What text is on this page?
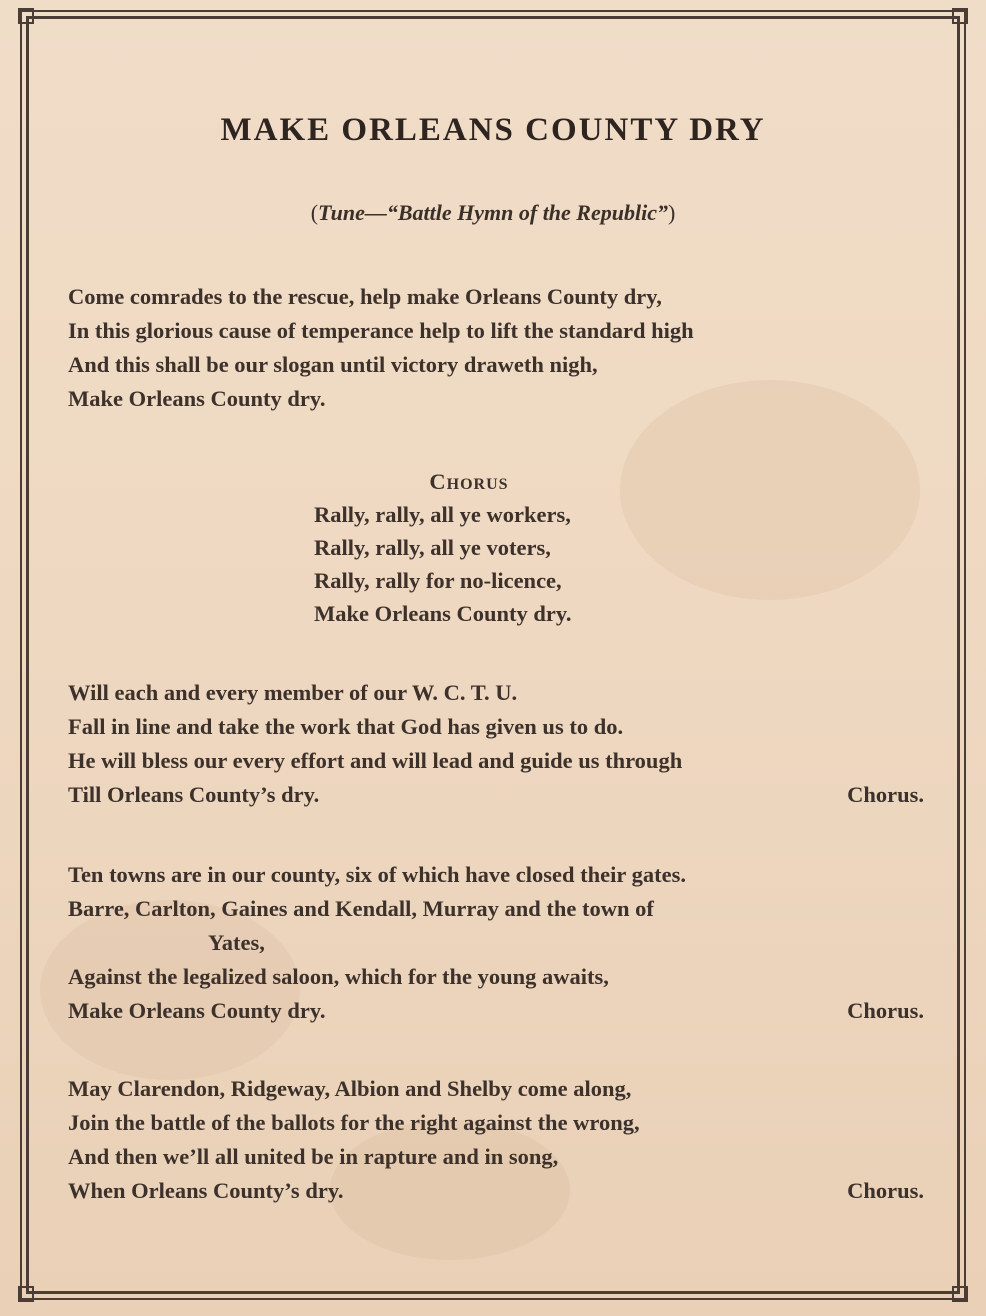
MAKE ORLEANS COUNTY DRY
(Tune—“Battle Hymn of the Republic”)
Come comrades to the rescue, help make Orleans County dry,
In this glorious cause of temperance help to lift the standard high
And this shall be our slogan until victory draweth nigh,
Make Orleans County dry.
Chorus
Rally, rally, all ye workers,
Rally, rally, all ye voters,
Rally, rally for no-licence,
Make Orleans County dry.
Will each and every member of our W. C. T. U.
Fall in line and take the work that God has given us to do.
He will bless our every effort and will lead and guide us through
Till Orleans County’s dry.	Chorus.
Ten towns are in our county, six of which have closed their gates.
Barre, Carlton, Gaines and Kendall, Murray and the town of
Yates,
Against the legalized saloon, which for the young awaits,
Make Orleans County dry.	Chorus.
May Clarendon, Ridgeway, Albion and Shelby come along,
Join the battle of the ballots for the right against the wrong,
And then we’ll all united be in rapture and in song,
When Orleans County’s dry.	Chorus.
